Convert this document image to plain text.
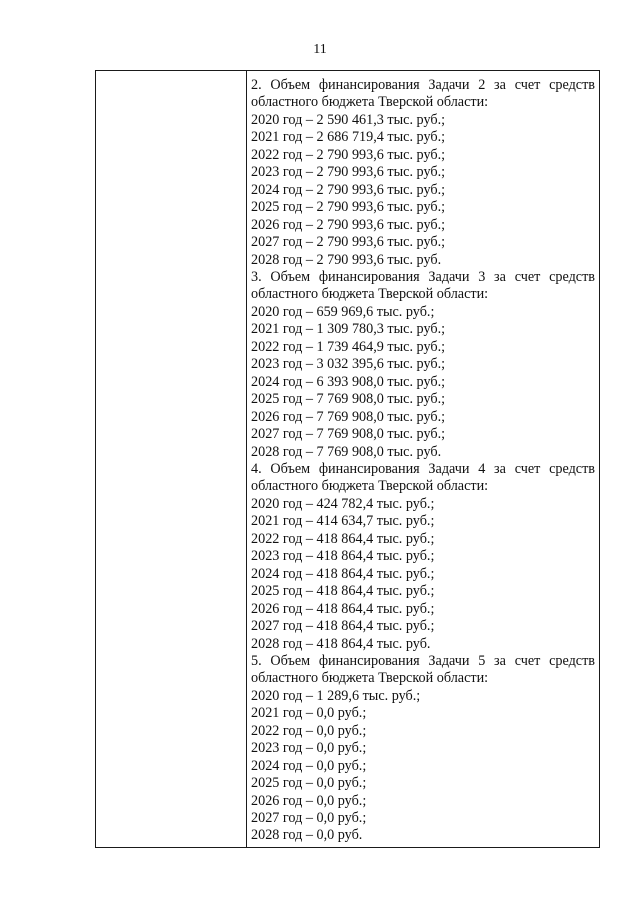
11
2. Объем финансирования Задачи 2 за счет средств
областного бюджета Тверской области:
2020 год – 2 590 461,3 тыс. руб.;
2021 год – 2 686 719,4 тыс. руб.;
2022 год – 2 790 993,6 тыс. руб.;
2023 год – 2 790 993,6 тыс. руб.;
2024 год – 2 790 993,6 тыс. руб.;
2025 год – 2 790 993,6 тыс. руб.;
2026 год – 2 790 993,6 тыс. руб.;
2027 год – 2 790 993,6 тыс. руб.;
2028 год – 2 790 993,6 тыс. руб.
3. Объем финансирования Задачи 3 за счет средств
областного бюджета Тверской области:
2020 год – 659 969,6 тыс. руб.;
2021 год – 1 309 780,3 тыс. руб.;
2022 год – 1 739 464,9 тыс. руб.;
2023 год – 3 032 395,6 тыс. руб.;
2024 год – 6 393 908,0 тыс. руб.;
2025 год – 7 769 908,0 тыс. руб.;
2026 год – 7 769 908,0 тыс. руб.;
2027 год – 7 769 908,0 тыс. руб.;
2028 год – 7 769 908,0 тыс. руб.
4. Объем финансирования Задачи 4 за счет средств
областного бюджета Тверской области:
2020 год – 424 782,4 тыс. руб.;
2021 год – 414 634,7 тыс. руб.;
2022 год – 418 864,4 тыс. руб.;
2023 год – 418 864,4 тыс. руб.;
2024 год – 418 864,4 тыс. руб.;
2025 год – 418 864,4 тыс. руб.;
2026 год – 418 864,4 тыс. руб.;
2027 год – 418 864,4 тыс. руб.;
2028 год – 418 864,4 тыс. руб.
5. Объем финансирования Задачи 5 за счет средств
областного бюджета Тверской области:
2020 год – 1 289,6 тыс. руб.;
2021 год – 0,0 руб.;
2022 год – 0,0 руб.;
2023 год – 0,0 руб.;
2024 год – 0,0 руб.;
2025 год – 0,0 руб.;
2026 год – 0,0 руб.;
2027 год – 0,0 руб.;
2028 год – 0,0 руб.
